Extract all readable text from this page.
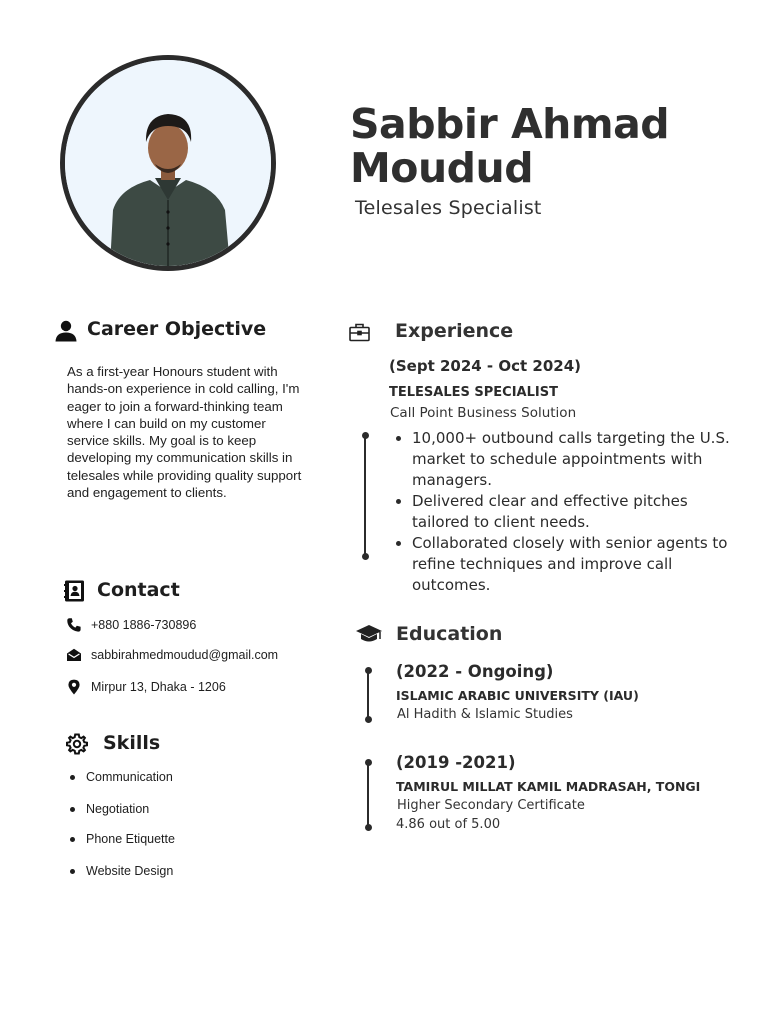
Sabbir Ahmad Moudud
Telesales Specialist
Career Objective
As a first-year Honours student with hands-on experience in cold calling, I'm eager to join a forward-thinking team where I can build on my customer service skills. My goal is to keep developing my communication skills in telesales while providing quality support and engagement to clients.
Contact
+880 1886-730896
sabbirahmedmoudud@gmail.com
Mirpur 13, Dhaka - 1206
Skills
Communication
Negotiation
Phone Etiquette
Website Design
Experience
(Sept 2024 - Oct 2024)
TELESALES SPECIALIST
Call Point Business Solution
10,000+ outbound calls targeting the U.S. market to schedule appointments with managers.
Delivered clear and effective pitches tailored to client needs.
Collaborated closely with senior agents to refine techniques and improve call outcomes.
Education
(2022 - Ongoing)
ISLAMIC ARABIC UNIVERSITY (IAU)
Al Hadith & Islamic Studies
(2019 -2021)
TAMIRUL MILLAT KAMIL MADRASAH, TONGI
Higher Secondary Certificate
4.86 out of 5.00
